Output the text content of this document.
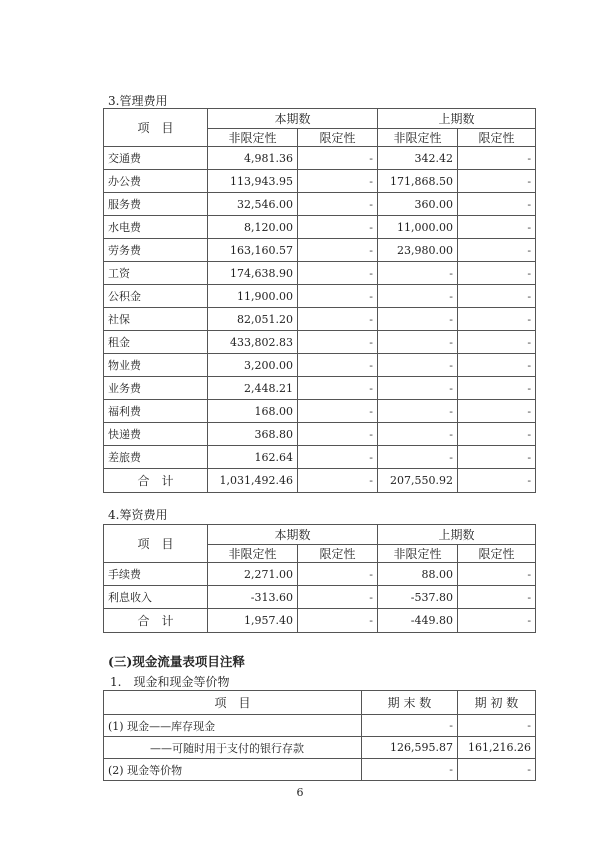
3.管理费用
项　目	本期数		上期数	
	非限定性	限定性	非限定性	限定性
交通费	4,981.36	-	342.42	-
办公费	113,943.95	-	171,868.50	-
服务费	32,546.00	-	360.00	-
水电费	8,120.00	-	11,000.00	-
劳务费	163,160.57	-	23,980.00	-
工资	174,638.90	-	-	-
公积金	11,900.00	-	-	-
社保	82,051.20	-	-	-
租金	433,802.83	-	-	-
物业费	3,200.00	-	-	-
业务费	2,448.21	-	-	-
福利费	168.00	-	-	-
快递费	368.80	-	-	-
差旅费	162.64	-	-	-
合　计	1,031,492.46	-	207,550.92	-
4.筹资费用
项　目	本期数		上期数	
	非限定性	限定性	非限定性	限定性
手续费	2,271.00	-	88.00	-
利息收入	-313.60	-	-537.80	-
合　计	1,957.40	-	-449.80	-
(三)现金流量表项目注释
1.　现金和现金等价物
项　目	期 末 数	期 初 数
(1) 现金——库存现金	-	-
——可随时用于支付的银行存款	126,595.87	161,216.26
(2) 现金等价物	-	-
6
